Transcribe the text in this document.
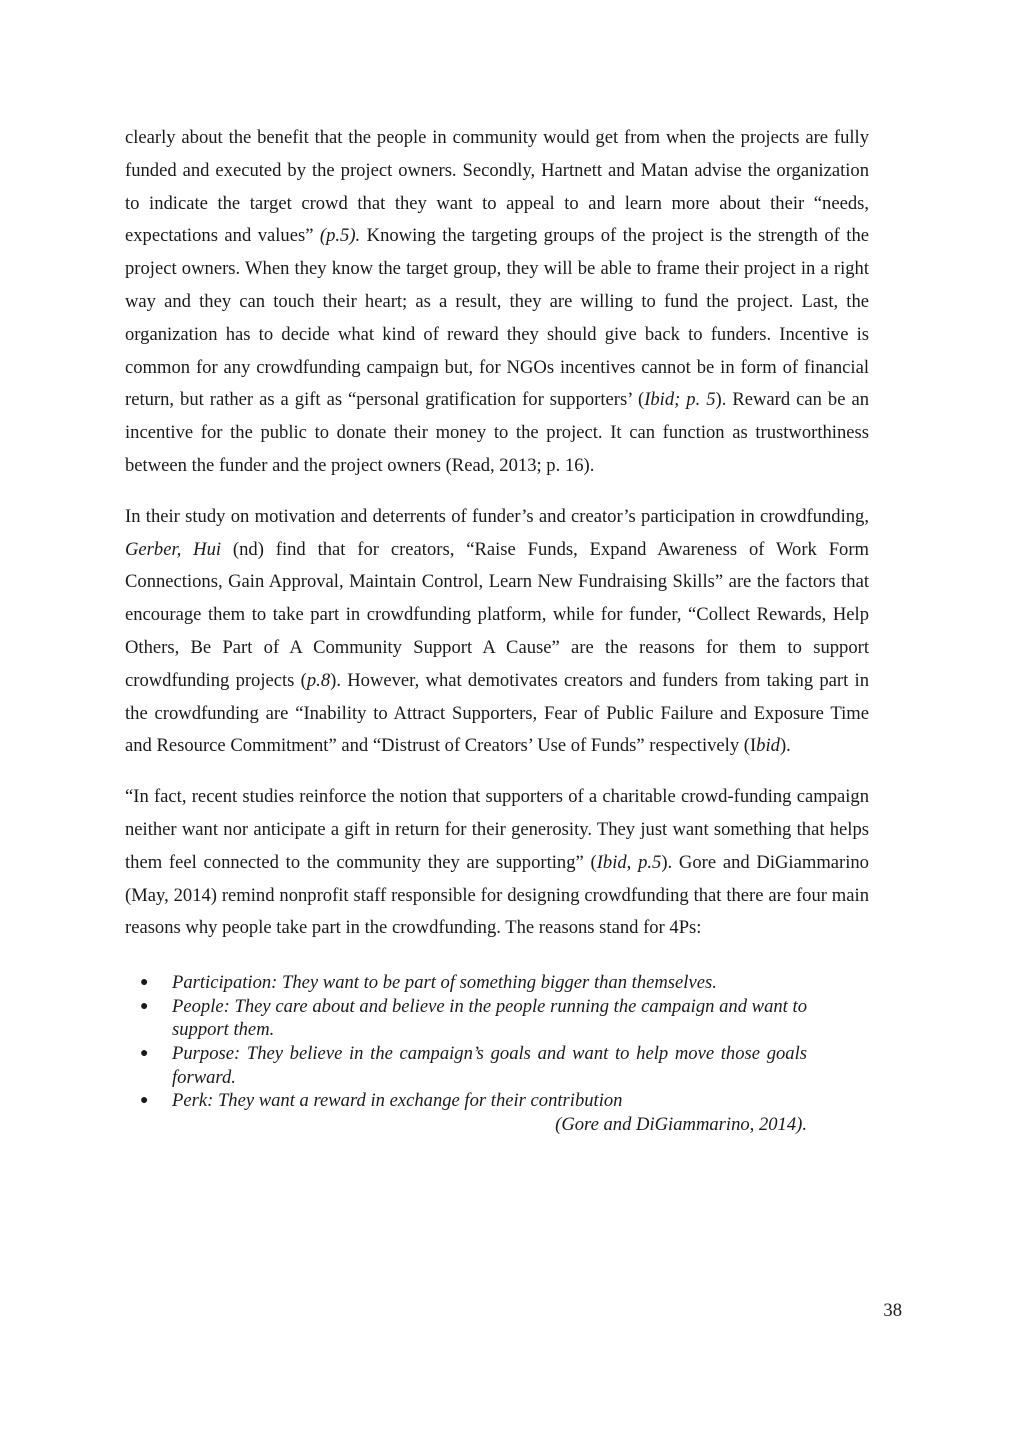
clearly about the benefit that the people in community would get from when the projects are fully funded and executed by the project owners. Secondly, Hartnett and Matan advise the organization to indicate the target crowd that they want to appeal to and learn more about their “needs, expectations and values” (p.5). Knowing the targeting groups of the project is the strength of the project owners. When they know the target group, they will be able to frame their project in a right way and they can touch their heart; as a result, they are willing to fund the project. Last, the organization has to decide what kind of reward they should give back to funders. Incentive is common for any crowdfunding campaign but, for NGOs incentives cannot be in form of financial return, but rather as a gift as “personal gratification for supporters’ (Ibid; p. 5). Reward can be an incentive for the public to donate their money to the project. It can function as trustworthiness between the funder and the project owners (Read, 2013; p. 16).

In their study on motivation and deterrents of funder’s and creator’s participation in crowdfunding, Gerber, Hui (nd) find that for creators, “Raise Funds, Expand Awareness of Work Form Connections, Gain Approval, Maintain Control, Learn New Fundraising Skills” are the factors that encourage them to take part in crowdfunding platform, while for funder, “Collect Rewards, Help Others, Be Part of A Community Support A Cause” are the reasons for them to support crowdfunding projects (p.8). However, what demotivates creators and funders from taking part in the crowdfunding are “Inability to Attract Supporters, Fear of Public Failure and Exposure Time and Resource Commitment” and “Distrust of Creators’ Use of Funds” respectively (Ibid).

“In fact, recent studies reinforce the notion that supporters of a charitable crowd-funding campaign neither want nor anticipate a gift in return for their generosity. They just want something that helps them feel connected to the community they are supporting” (Ibid, p.5). Gore and DiGiammarino (May, 2014) remind nonprofit staff responsible for designing crowdfunding that there are four main reasons why people take part in the crowdfunding. The reasons stand for 4Ps:

● Participation: They want to be part of something bigger than themselves.
● People: They care about and believe in the people running the campaign and want to support them.
● Purpose: They believe in the campaign’s goals and want to help move those goals forward.
● Perk: They want a reward in exchange for their contribution
(Gore and DiGiammarino, 2014).
38
